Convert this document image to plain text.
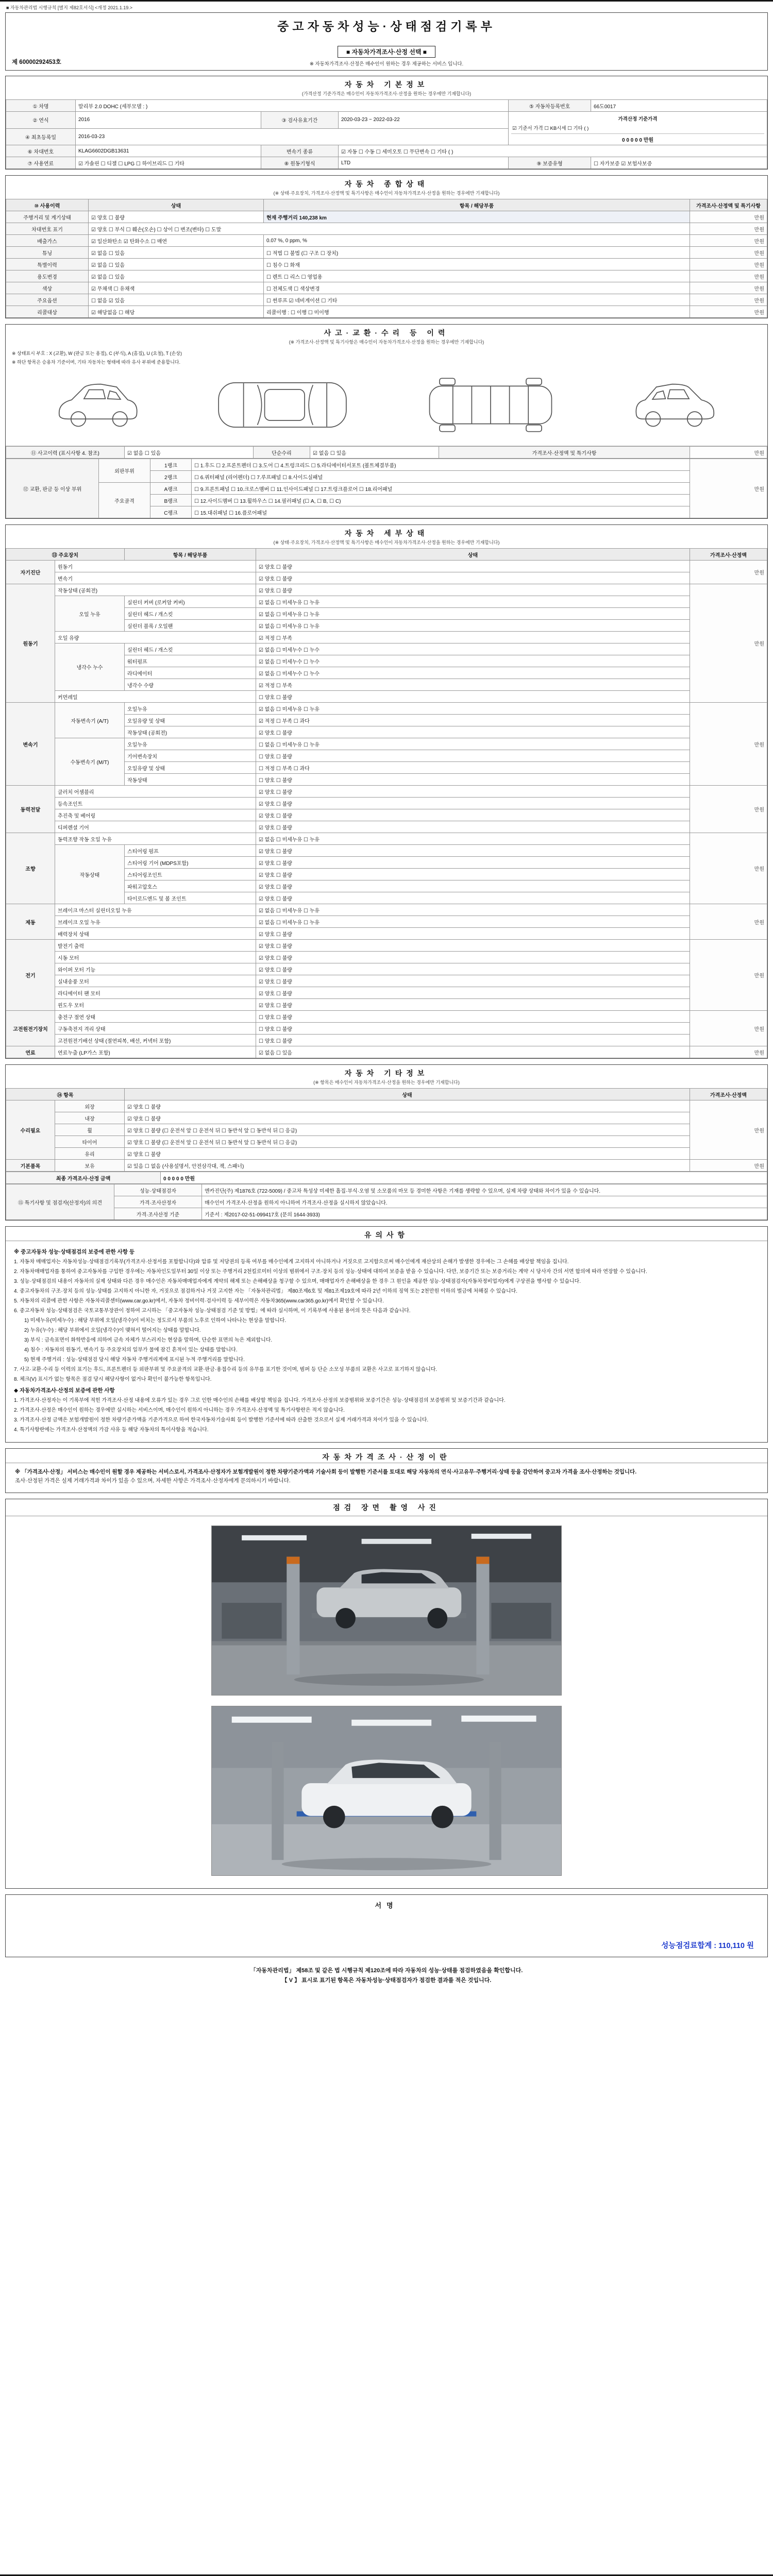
■ 자동차관리법 시행규칙 [별지 제82호서식] <개정 2021.1.19.>
중고자동차성능·상태점검기록부

■ 자동차가격조사·산정 선택 ■
※ 자동차가격조사·산정은 매수인이 원하는 경우 제공하는 서비스 입니다.
제 60000292453호
자동차 기본정보
(가격산정 기준가격은 매수인이 자동차가격조사·산정을 원하는 경우에만 기재합니다)
① 차명	말리부 2.0 DOHC (세부모델 : )			⑤ 자동차등록번호	66도0017
② 연식	2016	③ 검사유효기간	2020-03-23 ~ 2022-03-22	가격산정 기준가격
☑ 기준서 가격 ☐ KB시세 ☐ 기타 ( )
0 0 0 0 0 만원	

④ 최초등록일	2016-03-23				
⑥ 차대번호	KLAG6602DGB13631	변속기 종류	☑ 자동 ☐ 수동 ☐ 세미오토 ☐ 무단변속 ☐ 기타 ( )		
⑦ 사용연료	☑ 가솔린 ☐ 디젤 ☐ LPG ☐ 하이브리드 ☐ 기타	⑧ 원동기형식	LTD	⑨ 보증유형	☐ 자가보증 ☑ 보험사보증
자동차 종합상태
(※ 상태·주요장치, 가격조사·산정액 및 특기사항은 매수인이 자동차가격조사·산정을 원하는 경우에만 기재합니다)
⑩ 사용이력	상태	항목 / 해당부품	가격조사·산정액 및 특기사항
주행거리 및 계기상태	☑ 양호 ☐ 불량	현재 주행거리 140,238 km	만원
차대번호 표기	☑ 양호 ☐ 부식 ☐ 훼손(오손) ☐ 상이 ☐ 변조(변타) ☐ 도말		만원
배출가스	☑ 일산화탄소 ☑ 탄화수소 ☐ 매연	0.07 %, 0 ppm, %	만원
튜닝	☑ 없음 ☐ 있음	☐ 적법 ☐ 불법 (☐ 구조 ☐ 장치)	만원
특별이력	☑ 없음 ☐ 있음	☐ 침수 ☐ 화재	만원
용도변경	☑ 없음 ☐ 있음	☐ 렌트 ☐ 리스 ☐ 영업용	만원
색상	☑ 무채색 ☐ 유채색	☐ 전체도색 ☐ 색상변경	만원
주요옵션	☐ 없음 ☑ 있음	☐ 썬루프 ☑ 네비게이션 ☐ 기타	만원
리콜대상	☑ 해당없음 ☐ 해당	리콜이행 : ☐ 이행 ☐ 미이행	만원
사고·교환·수리 등 이력
(※ 가격조사·산정액 및 특기사항은 매수인이 자동차가격조사·산정을 원하는 경우에만 기재합니다)
※ 상태표시 부호 : X (교환), W (판금 또는 용접), C (부식), A (흠집), U (요철), T (손상)
※ 하단 항목은 승용차 기준이며, 기타 자동차는 형태에 따라 유사 부위에 준용합니다.
⑪ 사고이력 (표시사항 4. 참조)	☑ 없음 ☐ 있음	단순수리	☑ 없음 ☐ 있음	가격조사·산정액 및 특기사항	만원
⑫ 교환, 판금 등 이상 부위	외판부위	1랭크	☐ 1.후드 ☐ 2.프론트펜더 ☐ 3.도어 ☐ 4.트렁크리드 ☐ 5.라디에이터서포트 (볼트체결부품)	만원
		2랭크	☐ 6.쿼터패널 (리어펜더) ☐ 7.루프패널 ☐ 8.사이드실패널	
	주요골격	A랭크	☐ 9.프론트패널 ☐ 10.크로스멤버 ☐ 11.인사이드패널 ☐ 17.트렁크플로어 ☐ 18.리어패널	
		B랭크	☐ 12.사이드멤버 ☐ 13.휠하우스 ☐ 14.필러패널 (☐ A, ☐ B, ☐ C)	
		C랭크	☐ 15.대쉬패널 ☐ 16.플로어패널	
자동차 세부상태
(※ 상태·주요장치, 가격조사·산정액 및 특기사항은 매수인이 자동차가격조사·산정을 원하는 경우에만 기재합니다)
⑬ 주요장치		항목 / 해당부품	상태	가격조사·산정액
자기진단	원동기		☑ 양호 ☐ 불량	만원
	변속기		☑ 양호 ☐ 불량	
원동기	작동상태 (공회전)		☑ 양호 ☐ 불량	만원
	오일 누유	실린더 커버 (로커암 커버)	☑ 없음 ☐ 미세누유 ☐ 누유	
		실린더 헤드 / 개스킷	☑ 없음 ☐ 미세누유 ☐ 누유	
		실린더 블록 / 오일팬	☑ 없음 ☐ 미세누유 ☐ 누유	
	오일 유량		☑ 적정 ☐ 부족	
	냉각수 누수	실린더 헤드 / 개스킷	☑ 없음 ☐ 미세누수 ☐ 누수	
		워터펌프	☑ 없음 ☐ 미세누수 ☐ 누수	
		라디에이터	☑ 없음 ☐ 미세누수 ☐ 누수	
		냉각수 수량	☑ 적정 ☐ 부족	
	커먼레일		☐ 양호 ☐ 불량	
변속기	자동변속기 (A/T)	오일누유	☑ 없음 ☐ 미세누유 ☐ 누유	만원
		오일유량 및 상태	☑ 적정 ☐ 부족 ☐ 과다	
		작동상태 (공회전)	☑ 양호 ☐ 불량	
	수동변속기 (M/T)	오일누유	☐ 없음 ☐ 미세누유 ☐ 누유	
		기어변속장치	☐ 양호 ☐ 불량	
		오일유량 및 상태	☐ 적정 ☐ 부족 ☐ 과다	
		작동상태	☐ 양호 ☐ 불량	
동력전달	클러치 어셈블리		☑ 양호 ☐ 불량	만원
	등속조인트		☑ 양호 ☐ 불량	
	추진축 및 베어링		☑ 양호 ☐ 불량	
	디퍼렌셜 기어		☑ 양호 ☐ 불량	
조향	동력조향 작동 오일 누유		☑ 없음 ☐ 미세누유 ☐ 누유	만원
	작동상태	스티어링 펌프	☑ 양호 ☐ 불량	
		스티어링 기어 (MDPS포함)	☑ 양호 ☐ 불량	
		스티어링조인트	☑ 양호 ☐ 불량	
		파워고압호스	☑ 양호 ☐ 불량	
		타이로드엔드 및 볼 조인트	☑ 양호 ☐ 불량	
제동	브레이크 마스터 실린더오일 누유		☑ 없음 ☐ 미세누유 ☐ 누유	만원
	브레이크 오일 누유		☑ 없음 ☐ 미세누유 ☐ 누유	
	배력장치 상태		☑ 양호 ☐ 불량	
전기	발전기 출력		☑ 양호 ☐ 불량	만원
	시동 모터		☑ 양호 ☐ 불량	
	와이퍼 모터 기능		☑ 양호 ☐ 불량	
	실내송풍 모터		☑ 양호 ☐ 불량	
	라디에이터 팬 모터		☑ 양호 ☐ 불량	
	윈도우 모터		☑ 양호 ☐ 불량	
고전원전기장치	충전구 절연 상태		☐ 양호 ☐ 불량	만원
	구동축전지 격리 상태		☐ 양호 ☐ 불량	
	고전원전기배선 상태 (절연피복, 배선, 커넥터 포함)		☐ 양호 ☐ 불량	
연료	연료누출 (LP가스 포함)		☑ 없음 ☐ 있음	만원
자동차 기타정보
(※ 항목은 매수인이 자동차가격조사·산정을 원하는 경우에만 기재합니다)
⑭ 항목		상태	가격조사·산정액
수리필요	외장	☑ 양호 ☐ 불량	만원
	내장	☑ 양호 ☐ 불량	
	휠	☑ 양호 ☐ 불량 (☐ 운전석 앞 ☐ 운전석 뒤 ☐ 동반석 앞 ☐ 동반석 뒤 ☐ 응급)	
	타이어	☑ 양호 ☐ 불량 (☐ 운전석 앞 ☐ 운전석 뒤 ☐ 동반석 앞 ☐ 동반석 뒤 ☐ 응급)	
	유리	☑ 양호 ☐ 불량	
기본품목	보유	☑ 있음 ☐ 없음 (사용설명서, 안전삼각대, 잭, 스패너)	만원
최종 가격조사·산정 금액	0 0 0 0 0 만원
⑮ 특기사항 및 점검자(산정자)의 의견	성능·상태점검자	엔카진단(주) 제1876호 (722-5009) / 중고차 특성상 미세한 흠집·부식·오염 및 소모품의 마모 등 경미한 사항은 기재를 생략할 수 있으며, 실제 차량 상태와 차이가 있을 수 있습니다.
	가격·조사산정자	매수인이 가격조사·산정을 원하지 아니하여 가격조사·산정을 실시하지 않았습니다.
	가격·조사산정 기준	기준서 : 제2017-02-51-099417호 (문의 1644-3933)
유의사항
※ 중고자동차 성능·상태점검의 보증에 관한 사항 등
1. 자동차 매매업자는 자동차성능·상태점검기록부(가격조사·산정서를 포함합니다)와 압류 및 저당권의 등록 여부를 매수인에게 고지하지 아니하거나 거짓으로 고지함으로써 매수인에게 재산상의 손해가 발생한 경우에는 그 손해를 배상할 책임을 집니다.
2. 자동차매매업자를 통하여 중고자동차를 구입한 경우에는 자동차인도일부터 30일 이상 또는 주행거리 2천킬로미터 이상의 범위에서 구조·장치 등의 성능·상태에 대하여 보증을 받을 수 있습니다. 다만, 보증기간 또는 보증거리는 계약 시 당사자 간의 서면 합의에 따라 연장할 수 있습니다.
3. 성능·상태점검의 내용이 자동차의 실제 상태와 다른 경우 매수인은 자동차매매업자에게 계약의 해제 또는 손해배상을 청구할 수 있으며, 매매업자가 손해배상을 한 경우 그 원인을 제공한 성능·상태점검자(자동차정비업자)에게 구상권을 행사할 수 있습니다.
4. 중고자동차의 구조·장치 등의 성능·상태를 고지하지 아니한 자, 거짓으로 점검하거나 거짓 고지한 자는 「자동차관리법」 제80조제6호 및 제81조제19호에 따라 2년 이하의 징역 또는 2천만원 이하의 벌금에 처해질 수 있습니다.
5. 자동차의 리콜에 관한 사항은 자동차리콜센터(www.car.go.kr)에서, 자동차 정비이력·검사이력 등 세부이력은 자동차365(www.car365.go.kr)에서 확인할 수 있습니다.
6. 중고자동차 성능·상태점검은 국토교통부장관이 정하여 고시하는 「중고자동차 성능·상태점검 기준 및 방법」에 따라 실시하며, 이 기록부에 사용된 용어의 뜻은 다음과 같습니다.
1) 미세누유(미세누수) : 해당 부위에 오일(냉각수)이 비치는 정도로서 부품의 노후로 인하여 나타나는 현상을 말합니다.
2) 누유(누수) : 해당 부위에서 오일(냉각수)이 맺혀서 떨어지는 상태를 말합니다.
3) 부식 : 금속표면이 화학반응에 의하여 금속 자체가 부스러지는 현상을 말하며, 단순한 표면의 녹은 제외합니다.
4) 침수 : 자동차의 원동기, 변속기 등 주요장치의 일부가 물에 잠긴 흔적이 있는 상태를 말합니다.
5) 현재 주행거리 : 성능·상태점검 당시 해당 자동차 주행거리계에 표시된 누적 주행거리를 말합니다.
7. 사고·교환·수리 등 이력의 표기는 후드, 프론트펜더 등 외판부위 및 주요골격의 교환·판금·용접수리 등의 유무를 표기한 것이며, 범퍼 등 단순 소모성 부품의 교환은 사고로 표기하지 않습니다.
8. 체크(V) 표시가 없는 항목은 점검 당시 해당사항이 없거나 확인이 불가능한 항목입니다.
◆ 자동차가격조사·산정의 보증에 관한 사항
1. 가격조사·산정자는 이 기록부에 적힌 가격조사·산정 내용에 오류가 있는 경우 그로 인한 매수인의 손해를 배상할 책임을 집니다. 가격조사·산정의 보증범위와 보증기간은 성능·상태점검의 보증범위 및 보증기간과 같습니다.
2. 가격조사·산정은 매수인이 원하는 경우에만 실시하는 서비스이며, 매수인이 원하지 아니하는 경우 가격조사·산정액 및 특기사항란은 적지 않습니다.
3. 가격조사·산정 금액은 보험개발원이 정한 차량기준가액을 기준가격으로 하여 한국자동차기술사회 등이 발행한 기준서에 따라 산출한 것으로서 실제 거래가격과 차이가 있을 수 있습니다.
4. 특기사항란에는 가격조사·산정액의 가감 사유 등 해당 자동차의 특이사항을 적습니다.
자동차가격조사·산정이란
※ 「가격조사·산정」 서비스는 매수인이 원할 경우 제공하는 서비스로서, 가격조사·산정자가 보험개발원이 정한 차량기준가액과 기술사회 등이 발행한 기준서를 토대로 해당 자동차의 연식·사고유무·주행거리·상태 등을 감안하여 중고차 가격을 조사·산정하는 것입니다.
조사·산정된 가격은 실제 거래가격과 차이가 있을 수 있으며, 자세한 사항은 가격조사·산정자에게 문의하시기 바랍니다.
점검 장면 촬영 사진
서명
성능점검료합계 : 110,110 원
「자동차관리법」 제58조 및 같은 법 시행규칙 제120조에 따라 자동차의 성능·상태를 점검하였음을 확인합니다.
【 V 】 표시로 표기된 항목은 자동차성능·상태점검자가 점검한 결과를 적은 것입니다.
